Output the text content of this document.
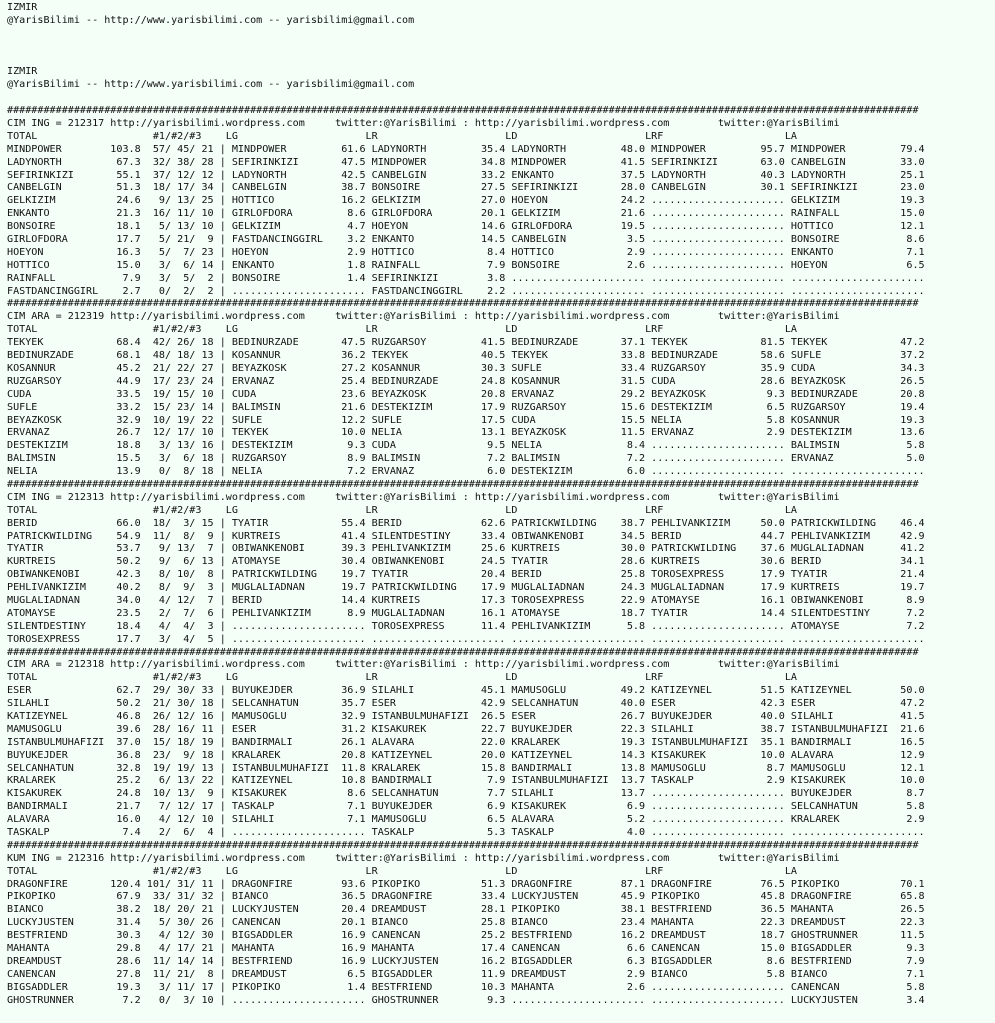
IZMIR
@YarisBilimi -- http://www.yarisbilimi.com -- yarisbilimi@gmail.com
IZMIR
@YarisBilimi -- http://www.yarisbilimi.com -- yarisbilimi@gmail.com
######################################################################################################################################################
CIM ING = 212317 http://yarisbilimi.wordpress.com     twitter:@YarisBilimi : http://yarisbilimi.wordpress.com        twitter:@YarisBilimi
TOTAL                   #1/#2/#3    LG                     LR                     LD                     LRF                    LA
MINDPOWER        103.8  57/ 45/ 21 | MINDPOWER         61.6 LADYNORTH         35.4 LADYNORTH         48.0 MINDPOWER         95.7 MINDPOWER         79.4
LADYNORTH         67.3  32/ 38/ 28 | SEFIRINKIZI       47.5 MINDPOWER         34.8 MINDPOWER         41.5 SEFIRINKIZI       63.0 CANBELGIN         33.0
SEFIRINKIZI       55.1  37/ 12/ 12 | LADYNORTH         42.5 CANBELGIN         33.2 ENKANTO           37.5 LADYNORTH         40.3 LADYNORTH         25.1
CANBELGIN         51.3  18/ 17/ 34 | CANBELGIN         38.7 BONSOIRE          27.5 SEFIRINKIZI       28.0 CANBELGIN         30.1 SEFIRINKIZI       23.0
GELKIZIM          24.6   9/ 13/ 25 | HOTTICO           16.2 GELKIZIM          27.0 HOEYON            24.2 ...................... GELKIZIM          19.3
ENKANTO           21.3  16/ 11/ 10 | GIRLOFDORA         8.6 GIRLOFDORA        20.1 GELKIZIM          21.6 ...................... RAINFALL          15.0
BONSOIRE          18.1   5/ 13/ 10 | GELKIZIM           4.7 HOEYON            14.6 GIRLOFDORA        19.5 ...................... HOTTICO           12.1
GIRLOFDORA        17.7   5/ 21/  9 | FASTDANCINGGIRL    3.2 ENKANTO           14.5 CANBELGIN          3.5 ...................... BONSOIRE           8.6
HOEYON            16.3   5/  7/ 23 | HOEYON             2.9 HOTTICO            8.4 HOTTICO            2.9 ...................... ENKANTO            7.1
HOTTICO           15.0   3/  6/ 14 | ENKANTO            1.8 RAINFALL           7.9 BONSOIRE           2.6 ...................... HOEYON             6.5
RAINFALL           7.9   3/  5/  2 | BONSOIRE           1.4 SEFIRINKIZI        3.8 ...................... ...................... ......................
FASTDANCINGGIRL    2.7   0/  2/  2 | ...................... FASTDANCINGGIRL    2.2 ...................... ...................... ......................
######################################################################################################################################################
CIM ARA = 212319 http://yarisbilimi.wordpress.com     twitter:@YarisBilimi : http://yarisbilimi.wordpress.com        twitter:@YarisBilimi
TOTAL                   #1/#2/#3    LG                     LR                     LD                     LRF                    LA
TEKYEK            68.4  42/ 26/ 18 | BEDINURZADE       47.5 RÜZGARSOY         41.5 BEDINURZADE       37.1 TEKYEK            81.5 TEKYEK            47.2
BEDINURZADE       68.1  48/ 18/ 13 | KOSANNUR          36.2 TEKYEK            40.5 TEKYEK            33.8 BEDINURZADE       58.6 SUFLE             37.2
KOSANNUR          45.2  21/ 22/ 27 | BEYAZKÖSK         27.2 KOSANNUR          30.3 SUFLE             33.4 RÜZGARSOY         35.9 CÜDA              34.3
RÜZGARSOY         44.9  17/ 23/ 24 | ERVANAZ           25.4 BEDINURZADE       24.8 KOSANNUR          31.5 CÜDA              28.6 BEYAZKÖSK         26.5
CÜDA              33.5  19/ 15/ 10 | CÜDA              23.6 BEYAZKÖSK         20.8 ERVANAZ           29.2 BEYAZKÖSK          9.3 BEDINURZADE       20.8
SUFLE             33.2  15/ 23/ 14 | BALIMSIN          21.6 DESTEKIZIM        17.9 RÜZGARSOY         15.6 DESTEKIZIM         6.5 RÜZGARSOY         19.4
BEYAZKÖSK         32.9  10/ 19/ 22 | SUFLE             12.2 SUFLE             17.5 CÜDA              15.5 NELIA              5.8 KOSANNUR          19.3
ERVANAZ           26.7  12/ 17/ 10 | TEKYEK            10.0 NELIA             13.1 BEYAZKÖSK         11.5 ERVANAZ            2.9 DESTEKIZIM        13.6
DESTEKIZIM        18.8   3/ 13/ 16 | DESTEKIZIM         9.3 CÜDA               9.5 NELIA              8.4 ...................... BALIMSIN           5.8
BALIMSIN          15.5   3/  6/ 18 | RÜZGARSOY          8.9 BALIMSIN           7.2 BALIMSIN           7.2 ...................... ERVANAZ            5.0
NELIA             13.9   0/  8/ 18 | NELIA              7.2 ERVANAZ            6.0 DESTEKIZIM         6.0 ...................... ......................
######################################################################################################################################################
CIM ING = 212313 http://yarisbilimi.wordpress.com     twitter:@YarisBilimi : http://yarisbilimi.wordpress.com        twitter:@YarisBilimi
TOTAL                   #1/#2/#3    LG                     LR                     LD                     LRF                    LA
BERID             66.0  18/  3/ 15 | TYATIR            55.4 BERID             62.6 PATRICKWILDING    38.7 PEHLIVANKIZIM     50.0 PATRICKWILDING    46.4
PATRICKWILDING    54.9  11/  8/  9 | KURTREIS          41.4 SILENTDESTINY     33.4 OBIWANKENOBI      34.5 BERID             44.7 PEHLIVANKIZIM     42.9
TYATIR            53.7   9/ 13/  7 | OBIWANKENOBI      39.3 PEHLIVANKIZIM     25.6 KURTREIS          30.0 PATRICKWILDING    37.6 MUGLALIADNAN      41.2
KURTREIS          50.2   9/  6/ 13 | ATOMAYSE          30.4 OBIWANKENOBI      24.5 TYATIR            28.6 KURTREIS          30.6 BERID             34.1
OBIWANKENOBI      42.3   8/ 10/  8 | PATRICKWILDING    19.7 TYATIR            20.4 BERID             25.8 TOROSEXPRESS      17.9 TYATIR            21.4
PEHLIVANKIZIM     40.2   8/  9/  3 | MUGLALIADNAN      19.7 PATRICKWILDING    17.9 MUGLALIADNAN      24.3 MUGLALIADNAN      17.9 KURTREIS          19.7
MUGLALIADNAN      34.0   4/ 12/  7 | BERID             14.4 KURTREIS          17.3 TOROSEXPRESS      22.9 ATOMAYSE          16.1 OBIWANKENOBI       8.9
ATOMAYSE          23.5   2/  7/  6 | PEHLIVANKIZIM      8.9 MUGLALIADNAN      16.1 ATOMAYSE          18.7 TYATIR            14.4 SILENTDESTINY      7.2
SILENTDESTINY     18.4   4/  4/  3 | ...................... TOROSEXPRESS      11.4 PEHLIVANKIZIM      5.8 ...................... ATOMAYSE           7.2
TOROSEXPRESS      17.7   3/  4/  5 | ...................... ...................... ...................... ...................... ......................
######################################################################################################################################################
CIM ARA = 212318 http://yarisbilimi.wordpress.com     twitter:@YarisBilimi : http://yarisbilimi.wordpress.com        twitter:@YarisBilimi
TOTAL                   #1/#2/#3    LG                     LR                     LD                     LRF                    LA
ESER              62.7  29/ 30/ 33 | BÜYÜKEJDER        36.9 SILAHLI           45.1 MAMUSOGLU         49.2 KATIZEYNEL        51.5 KATIZEYNEL        50.0
SILAHLI           50.2  21/ 30/ 18 | SELCANHATUN       35.7 ESER              42.9 SELCANHATUN       40.0 ESER              42.3 ESER              47.2
KATIZEYNEL        46.8  26/ 12/ 16 | MAMUSOGLU         32.9 ISTANBULMUHAFIZI  26.5 ESER              26.7 BÜYÜKEJDER        40.0 SILAHLI           41.5
MAMUSOGLU         39.6  28/ 16/ 11 | ESER              31.2 KISAKÜREK         22.7 BÜYÜKEJDER        22.3 SILAHLI           38.7 ISTANBULMUHAFIZI  21.6
ISTANBULMUHAFIZI  37.0  15/ 18/ 19 | BANDIRMALI        26.1 ALAVARA           22.0 KRALAREK          19.3 ISTANBULMUHAFIZI  35.1 BANDIRMALI        16.5
BÜYÜKEJDER        36.8  23/  9/ 18 | KRALAREK          20.8 KATIZEYNEL        20.0 KATIZEYNEL        14.3 KISAKÜREK         10.0 ALAVARA           12.9
SELCANHATUN       32.8  19/ 19/ 13 | ISTANBULMUHAFIZI  11.8 KRALAREK          15.8 BANDIRMALI        13.8 MAMUSOGLU          8.7 MAMUSOGLU         12.1
KRALAREK          25.2   6/ 13/ 22 | KATIZEYNEL        10.8 BANDIRMALI         7.9 ISTANBULMUHAFIZI  13.7 TASKALP            2.9 KISAKÜREK         10.0
KISAKÜREK         24.8  10/ 13/  9 | KISAKÜREK          8.6 SELCANHATUN        7.7 SILAHLI           13.7 ...................... BÜYÜKEJDER         8.7
BANDIRMALI        21.7   7/ 12/ 17 | TASKALP            7.1 BÜYÜKEJDER         6.9 KISAKÜREK          6.9 ...................... SELCANHATUN        5.8
ALAVARA           16.0   4/ 12/ 10 | SILAHLI            7.1 MAMUSOGLU          6.5 ALAVARA            5.2 ...................... KRALAREK           2.9
TASKALP            7.4   2/  6/  4 | ...................... TASKALP            5.3 TASKALP            4.0 ...................... ......................
######################################################################################################################################################
KUM ING = 212316 http://yarisbilimi.wordpress.com     twitter:@YarisBilimi : http://yarisbilimi.wordpress.com        twitter:@YarisBilimi
TOTAL                   #1/#2/#3    LG                     LR                     LD                     LRF                    LA
DRAGONFIRE       120.4 101/ 31/ 11 | DRAGONFIRE        93.6 PIKOPIKO          51.3 DRAGONFIRE        87.1 DRAGONFIRE        76.5 PIKOPIKO          70.1
PIKOPIKO          67.9  33/ 31/ 32 | BIANCO            36.5 DRAGONFIRE        33.4 LUCKYJUSTEN       45.9 PIKOPIKO          45.8 DRAGONFIRE        65.8
BIANCO            38.2  18/ 20/ 21 | LUCKYJUSTEN       20.4 DREAMDUST         28.1 PIKOPIKO          38.1 BESTFRIEND        36.5 MAHANTA           26.5
LUCKYJUSTEN       31.4   5/ 30/ 26 | CANENCAN          20.1 BIANCO            25.8 BIANCO            23.4 MAHANTA           22.3 DREAMDUST         22.3
BESTFRIEND        30.3   4/ 12/ 30 | BIGSADDLER        16.9 CANENCAN          25.2 BESTFRIEND        16.2 DREAMDUST         18.7 GHOSTRUNNER       11.5
MAHANTA           29.8   4/ 17/ 21 | MAHANTA           16.9 MAHANTA           17.4 CANENCAN           6.6 CANENCAN          15.0 BIGSADDLER         9.3
DREAMDUST         28.6  11/ 14/ 14 | BESTFRIEND        16.9 LUCKYJUSTEN       16.2 BIGSADDLER         6.3 BIGSADDLER         8.6 BESTFRIEND         7.9
CANENCAN          27.8  11/ 21/  8 | DREAMDUST          6.5 BIGSADDLER        11.9 DREAMDUST          2.9 BIANCO             5.8 BIANCO             7.1
BIGSADDLER        19.3   3/ 11/ 17 | PIKOPIKO           1.4 BESTFRIEND        10.3 MAHANTA            2.6 ...................... CANENCAN           5.8
GHOSTRUNNER        7.2   0/  3/ 10 | ...................... GHOSTRUNNER        9.3 ...................... ...................... LUCKYJUSTEN        3.4
